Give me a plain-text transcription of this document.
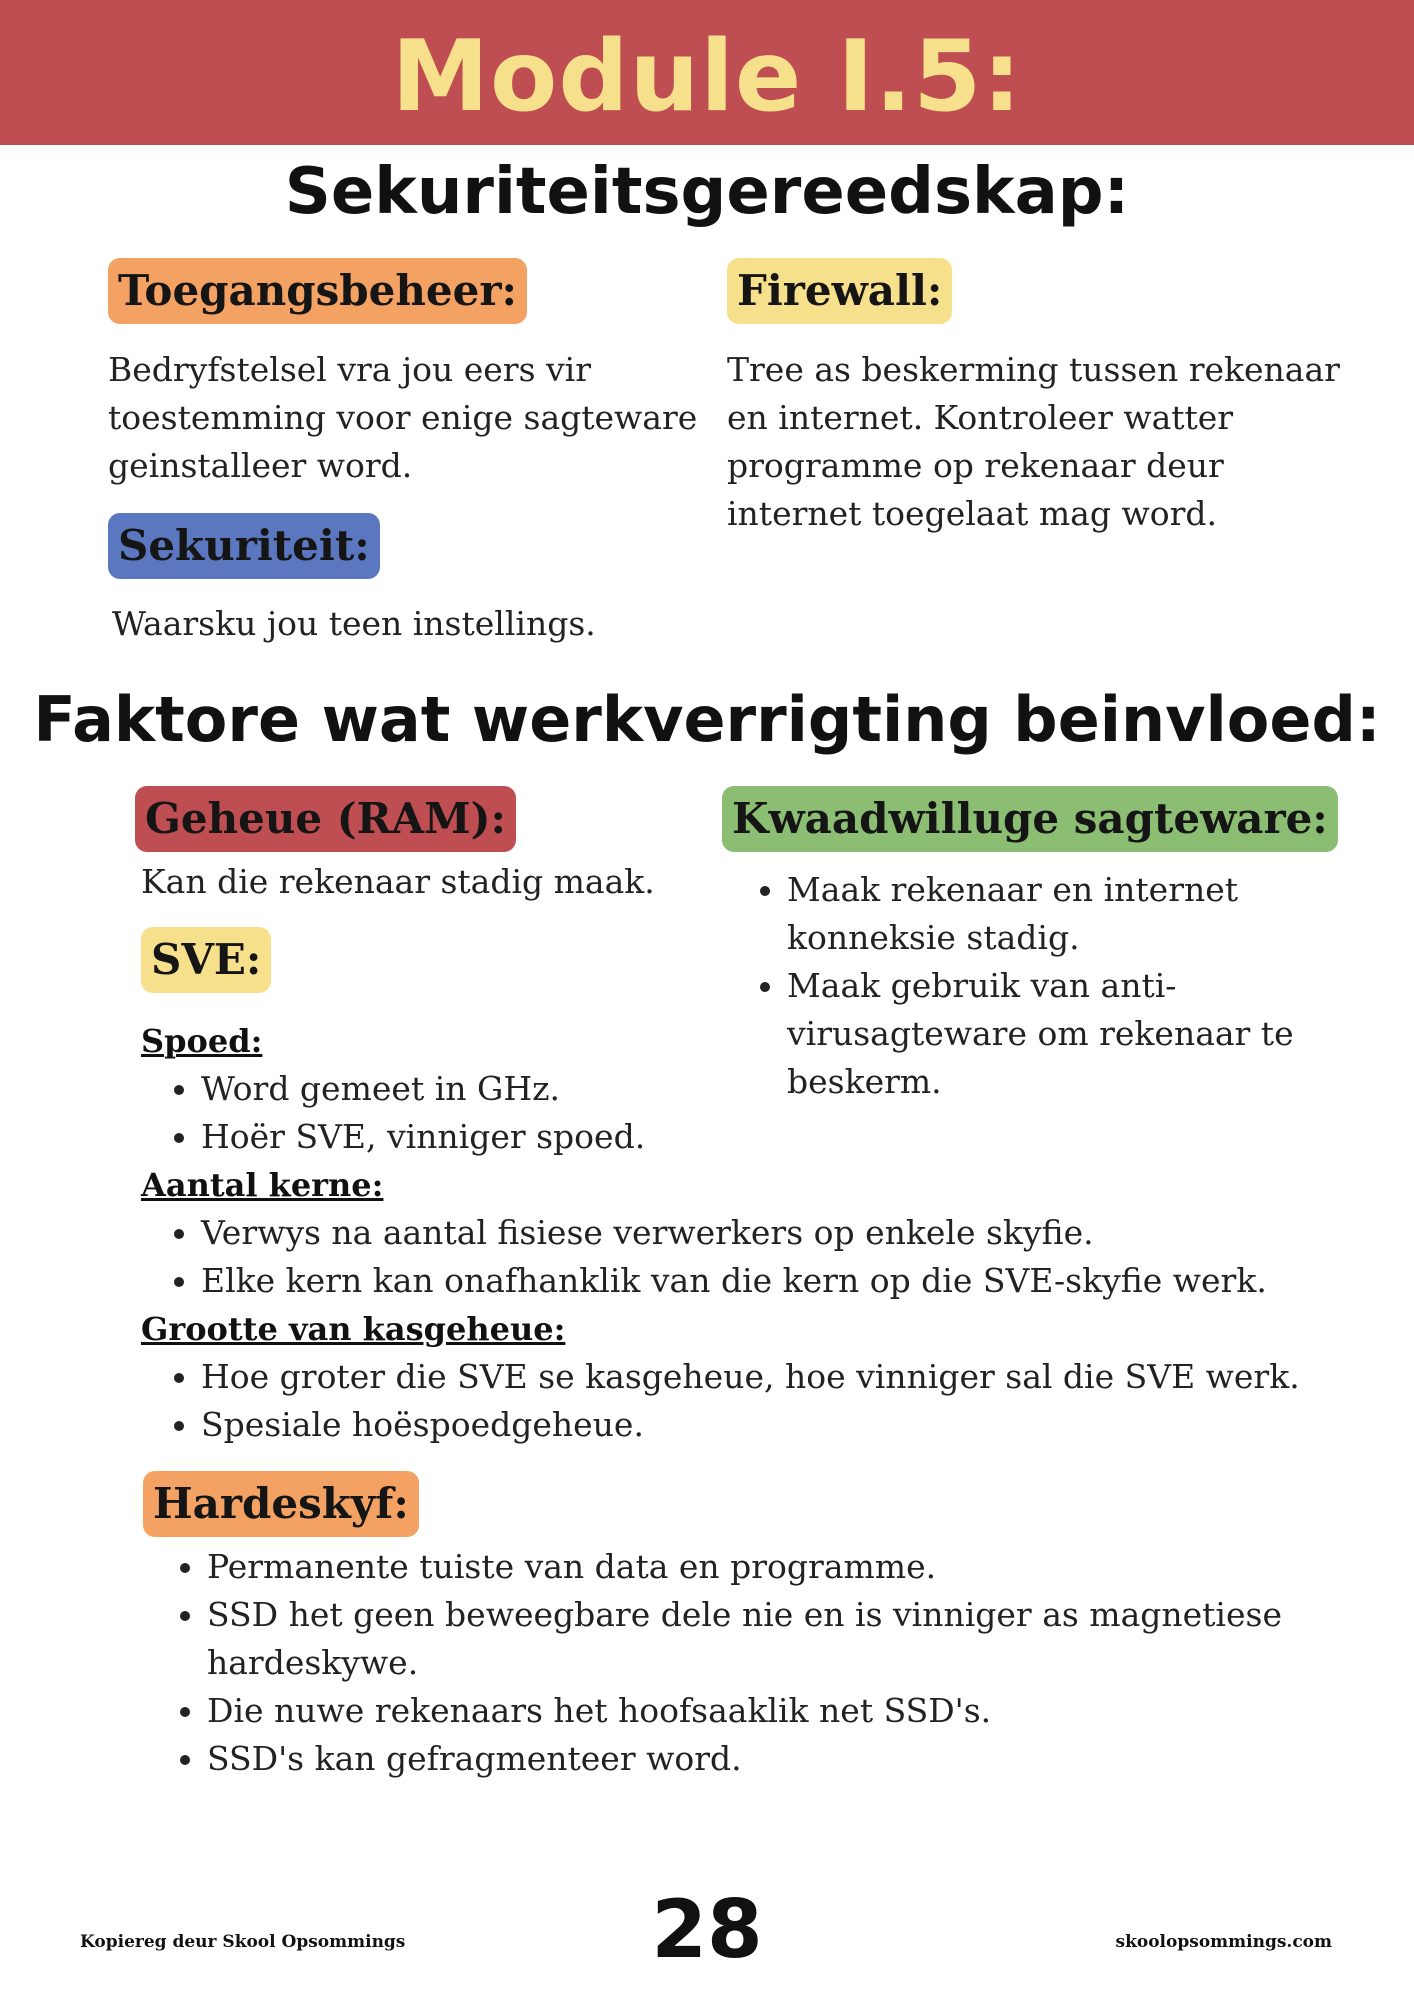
Module I.5:
Sekuriteitsgereedskap:
Toegangsbeheer:

Bedryfstelsel vra jou eers vir toestemming voor enige sagteware geinstalleer word.

Firewall:

Tree as beskerming tussen rekenaar en internet. Kontroleer watter programme op rekenaar deur internet toegelaat mag word.

Sekuriteit:

Waarsku jou teen instellings.

Faktore wat werkverrigting beinvloed:
Geheue (RAM):

Kan die rekenaar stadig maak.

Kwaadwilluge sagteware:
• Maak rekenaar en internet konneksie stadig.
• Maak gebruik van anti-virusagteware om rekenaar te beskerm.
SVE:
Spoed:
• Word gemeet in GHz.
• Hoër SVE, vinniger spoed.
Aantal kerne:
• Verwys na aantal fisiese verwerkers op enkele skyfie.
• Elke kern kan onafhanklik van die kern op die SVE-skyfie werk.
Grootte van kasgeheue:
• Hoe groter die SVE se kasgeheue, hoe vinniger sal die SVE werk.
• Spesiale hoëspoedgeheue.
Hardeskyf:
• Permanente tuiste van data en programme.
• SSD het geen beweegbare dele nie en is vinniger as magnetiese hardeskywe.
• Die nuwe rekenaars het hoofsaaklik net SSD's.
• SSD's kan gefragmenteer word.
Kopiereg deur Skool Opsommings	28	skoolopsommings.com
